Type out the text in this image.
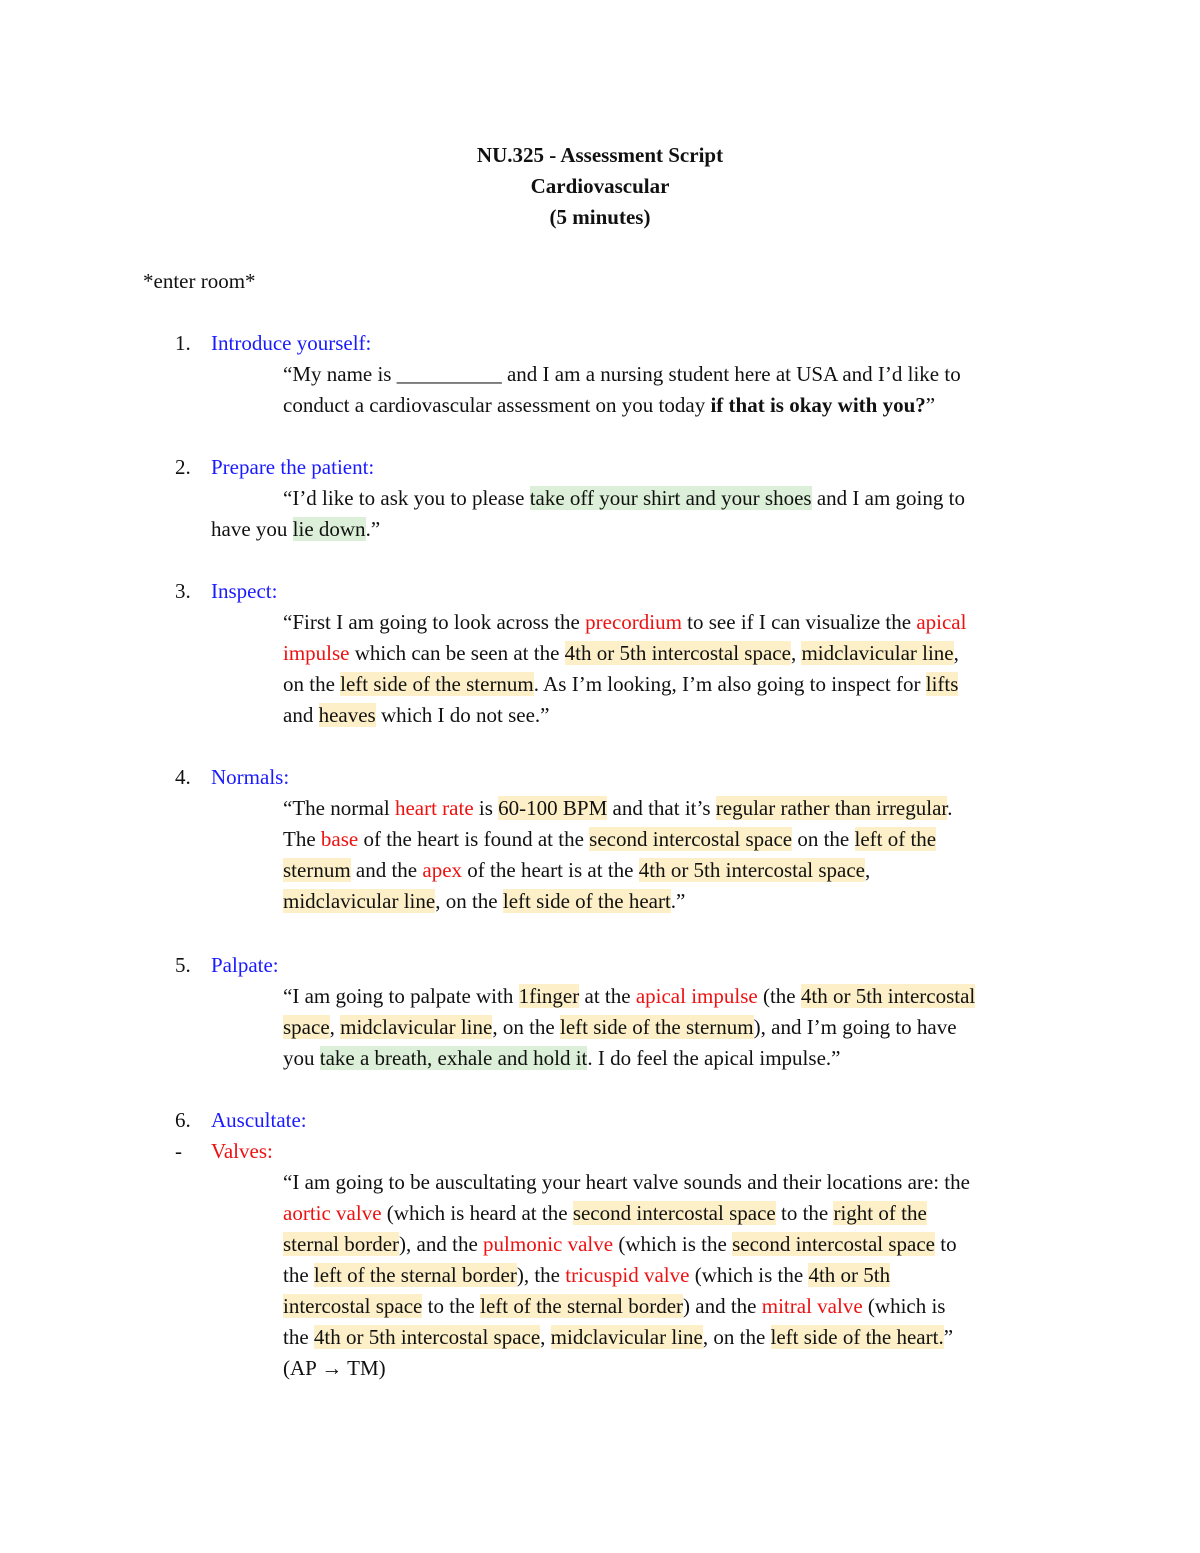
NU.325 - Assessment Script
Cardiovascular
(5 minutes)
*enter room*
1. Introduce yourself:
“My name is __________ and I am a nursing student here at USA and I’d like to
conduct a cardiovascular assessment on you today if that is okay with you?”
2. Prepare the patient:
“I’d like to ask you to please take off your shirt and your shoes and I am going to
have you lie down.”
3. Inspect:
“First I am going to look across the precordium to see if I can visualize the apical
impulse which can be seen at the 4th or 5th intercostal space, midclavicular line,
on the left side of the sternum. As I’m looking, I’m also going to inspect for lifts
and heaves which I do not see.”
4. Normals:
“The normal heart rate is 60-100 BPM and that it’s regular rather than irregular.
The base of the heart is found at the second intercostal space on the left of the
sternum and the apex of the heart is at the 4th or 5th intercostal space,
midclavicular line, on the left side of the heart.”
5. Palpate:
“I am going to palpate with 1finger at the apical impulse (the 4th or 5th intercostal
space, midclavicular line, on the left side of the sternum), and I’m going to have
you take a breath, exhale and hold it. I do feel the apical impulse.”
6. Auscultate:
-	Valves:
“I am going to be auscultating your heart valve sounds and their locations are: the
aortic valve (which is heard at the second intercostal space to the right of the
sternal border), and the pulmonic valve (which is the second intercostal space to
the left of the sternal border), the tricuspid valve (which is the 4th or 5th
intercostal space to the left of the sternal border) and the mitral valve (which is
the 4th or 5th intercostal space, midclavicular line, on the left side of the heart.”
(AP → TM)
